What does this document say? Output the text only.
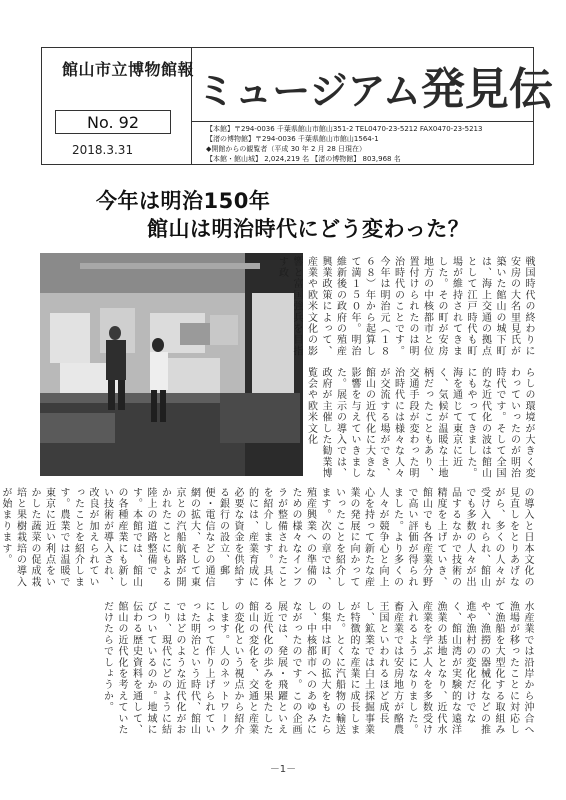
館山市立博物館報
No. 92
2018.3.31
ミュージアム発見伝
【本館】〒294-0036 千葉県館山市館山351-2 TEL0470-23-5212 FAX0470-23-5213
【渚の博物館】〒294-0036 千葉県館山市館山1564-1
◆開館からの観覧者（平成 30 年 2 月 28 日現在）
【本館・館山城】 2,024,219 名 【渚の博物館】 803,968 名
今年は明治150年
館山は明治時代にどう変わった？
戦国時代の終わりに安房の大名里見氏が築いた館山の城下町は、海上交通の拠点として江戸時代も町場が維持されてきました。その町が安房地方の中核都市と位置付けられたのは明治時代のことです。今年は明治元（１８６８）年から起算して満１５０年。明治維新後の政府の殖産興業政策によって、産業や欧米文化の影響と富国強兵を目指す政
らしの環境が大きく変わっていったのが明治時代です。そして全国的な近代化の波は館山にもやってきました。海を通じて東京に近く、気候が温暖な土地柄だったこともあり、交通手段が変わった明治時代には様々な人々が交流する場ができ、館山の近代化に大きな影響を与えていきました。展示の導入では、政府が主催した勧業博覧会や欧米文化
の導入と日本文化の見直しをとりあげながら、多くの人々が受け入れられ、館山でも多数の人々が出品するなかで技術の精度を上げていき、館山でも各産業分野で高い評価が得られました。より多くの人々が競争心と向上心を持って新たな産業の発展に向かっていったことを紹介します。次の章では、殖産興業への準備のための様々なインフラが整備されたことを紹介します。具体的には、産業育成に必要な資金を供給する銀行の設立、郵便・電信などの通信網の拡大、そして東京との汽船航路が開かれたことにもよる陸上の道路整備です。本館では、館山の各種産業にも新しい技術が導入され、改良が加えられていったことを紹介します。農業では温暖で東京に近い利点をいかした蔬菜の促成栽培と果樹栽培の導入が始まります。
水産業では沿岸から沖合へ漁場が移ったことに対応して漁船を大型化する取組みや、漁撈の器械化などの推進や漁村の変化だけでなく、館山湾が実験的な遠洋漁業の基地となり、近代水産業を学ぶ人々を多数受け入れるようになりました。畜産業では安房地方が酪農王国といわれるほど成長し、鉱業では白土採掘事業が特徴的な産業に成長しました。とくに汽船物の輸送の集中は町の拡大をもたらし、中核都市へのあゆみにながったのです。この企画展では、発展・飛躍といえる近代化の歩みを果たした館山の変化を、交通と産業の変化という視点から紹介します。人のネットワークによって作り上げられていった明治という時代、館山ではどのような近代化がおこり、現代にどのように結びついているのか。地域に伝わる歴史資料を通して、館山の近代化を考えていただけたらでしょうか。
－1－
